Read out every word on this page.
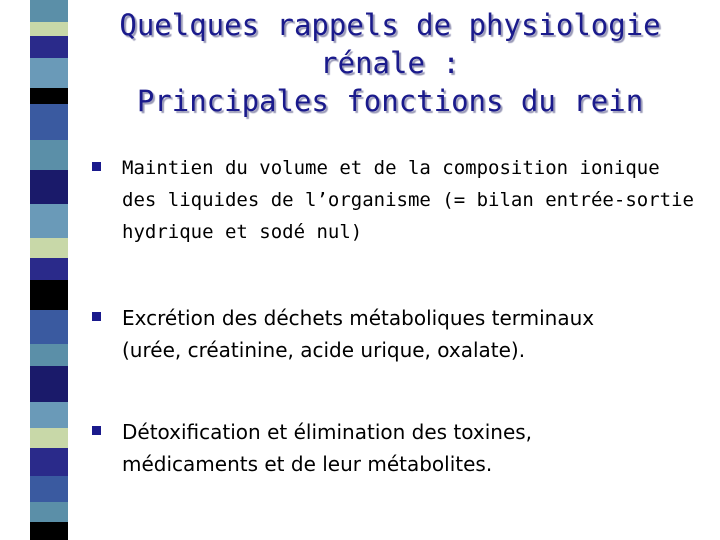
Quelques rappels de physiologie
rénale :
Principales fonctions du rein
Maintien du volume et de la composition ionique
des liquides de l’organisme (= bilan entrée-sortie
hydrique et sodé nul)
Excrétion des déchets métaboliques terminaux
(urée, créatinine, acide urique, oxalate).
Détoxification et élimination des toxines,
médicaments et de leur métabolites.
